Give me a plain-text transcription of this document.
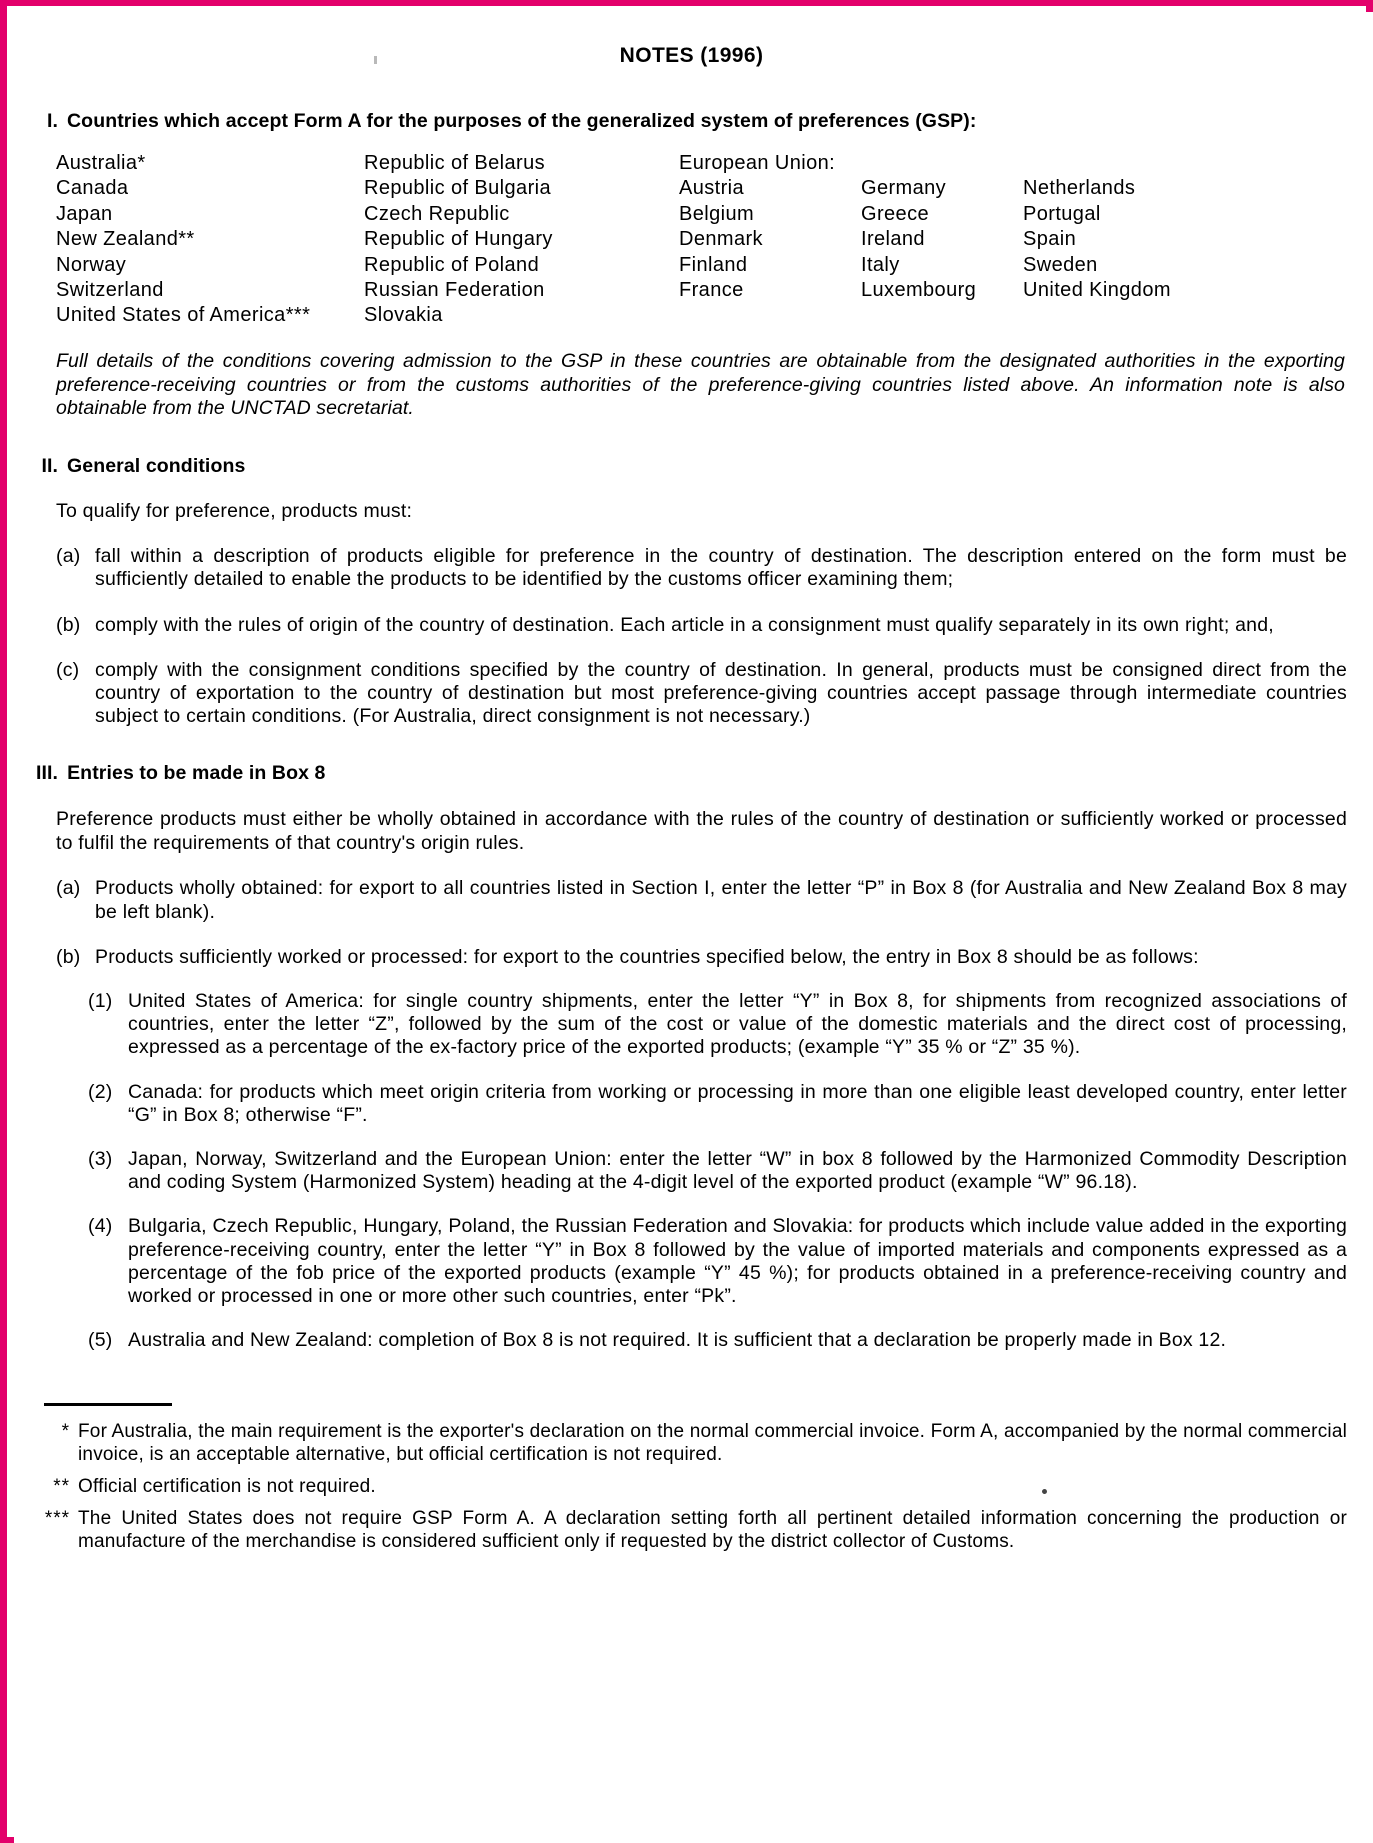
NOTES (1996)
I. Countries which accept Form A for the purposes of the generalized system of preferences (GSP):
Australia*	Republic of Belarus	European Union:
Canada	Republic of Bulgaria	Austria	Germany	Netherlands
Japan	Czech Republic	Belgium	Greece	Portugal
New Zealand**	Republic of Hungary	Denmark	Ireland	Spain
Norway	Republic of Poland	Finland	Italy	Sweden
Switzerland	Russian Federation	France	Luxembourg	United Kingdom
United States of America***	Slovakia
Full details of the conditions covering admission to the GSP in these countries are obtainable from the designated authorities in the exporting preference-receiving countries or from the customs authorities of the preference-giving countries listed above. An information note is also obtainable from the UNCTAD secretariat.
II. General conditions
To qualify for preference, products must:
(a) fall within a description of products eligible for preference in the country of destination. The description entered on the form must be sufficiently detailed to enable the products to be identified by the customs officer examining them;
(b) comply with the rules of origin of the country of destination. Each article in a consignment must qualify separately in its own right; and,
(c) comply with the consignment conditions specified by the country of destination. In general, products must be consigned direct from the country of exportation to the country of destination but most preference-giving countries accept passage through intermediate countries subject to certain conditions. (For Australia, direct consignment is not necessary.)
III. Entries to be made in Box 8
Preference products must either be wholly obtained in accordance with the rules of the country of destination or sufficiently worked or processed to fulfil the requirements of that country's origin rules.
(a) Products wholly obtained: for export to all countries listed in Section I, enter the letter “P” in Box 8 (for Australia and New Zealand Box 8 may be left blank).
(b) Products sufficiently worked or processed: for export to the countries specified below, the entry in Box 8 should be as follows:
(1) United States of America: for single country shipments, enter the letter “Y” in Box 8, for shipments from recognized associations of countries, enter the letter “Z”, followed by the sum of the cost or value of the domestic materials and the direct cost of processing, expressed as a percentage of the ex-factory price of the exported products; (example “Y” 35 % or “Z” 35 %).
(2) Canada: for products which meet origin criteria from working or processing in more than one eligible least developed country, enter letter “G” in Box 8; otherwise “F”.
(3) Japan, Norway, Switzerland and the European Union: enter the letter “W” in box 8 followed by the Harmonized Commodity Description and coding System (Harmonized System) heading at the 4-digit level of the exported product (example “W” 96.18).
(4) Bulgaria, Czech Republic, Hungary, Poland, the Russian Federation and Slovakia: for products which include value added in the exporting preference-receiving country, enter the letter “Y” in Box 8 followed by the value of imported materials and components expressed as a percentage of the fob price of the exported products (example “Y” 45 %); for products obtained in a preference-receiving country and worked or processed in one or more other such countries, enter “Pk”.
(5) Australia and New Zealand: completion of Box 8 is not required. It is sufficient that a declaration be properly made in Box 12.
* For Australia, the main requirement is the exporter's declaration on the normal commercial invoice. Form A, accompanied by the normal commercial invoice, is an acceptable alternative, but official certification is not required.
** Official certification is not required.
*** The United States does not require GSP Form A. A declaration setting forth all pertinent detailed information concerning the production or manufacture of the merchandise is considered sufficient only if requested by the district collector of Customs.
